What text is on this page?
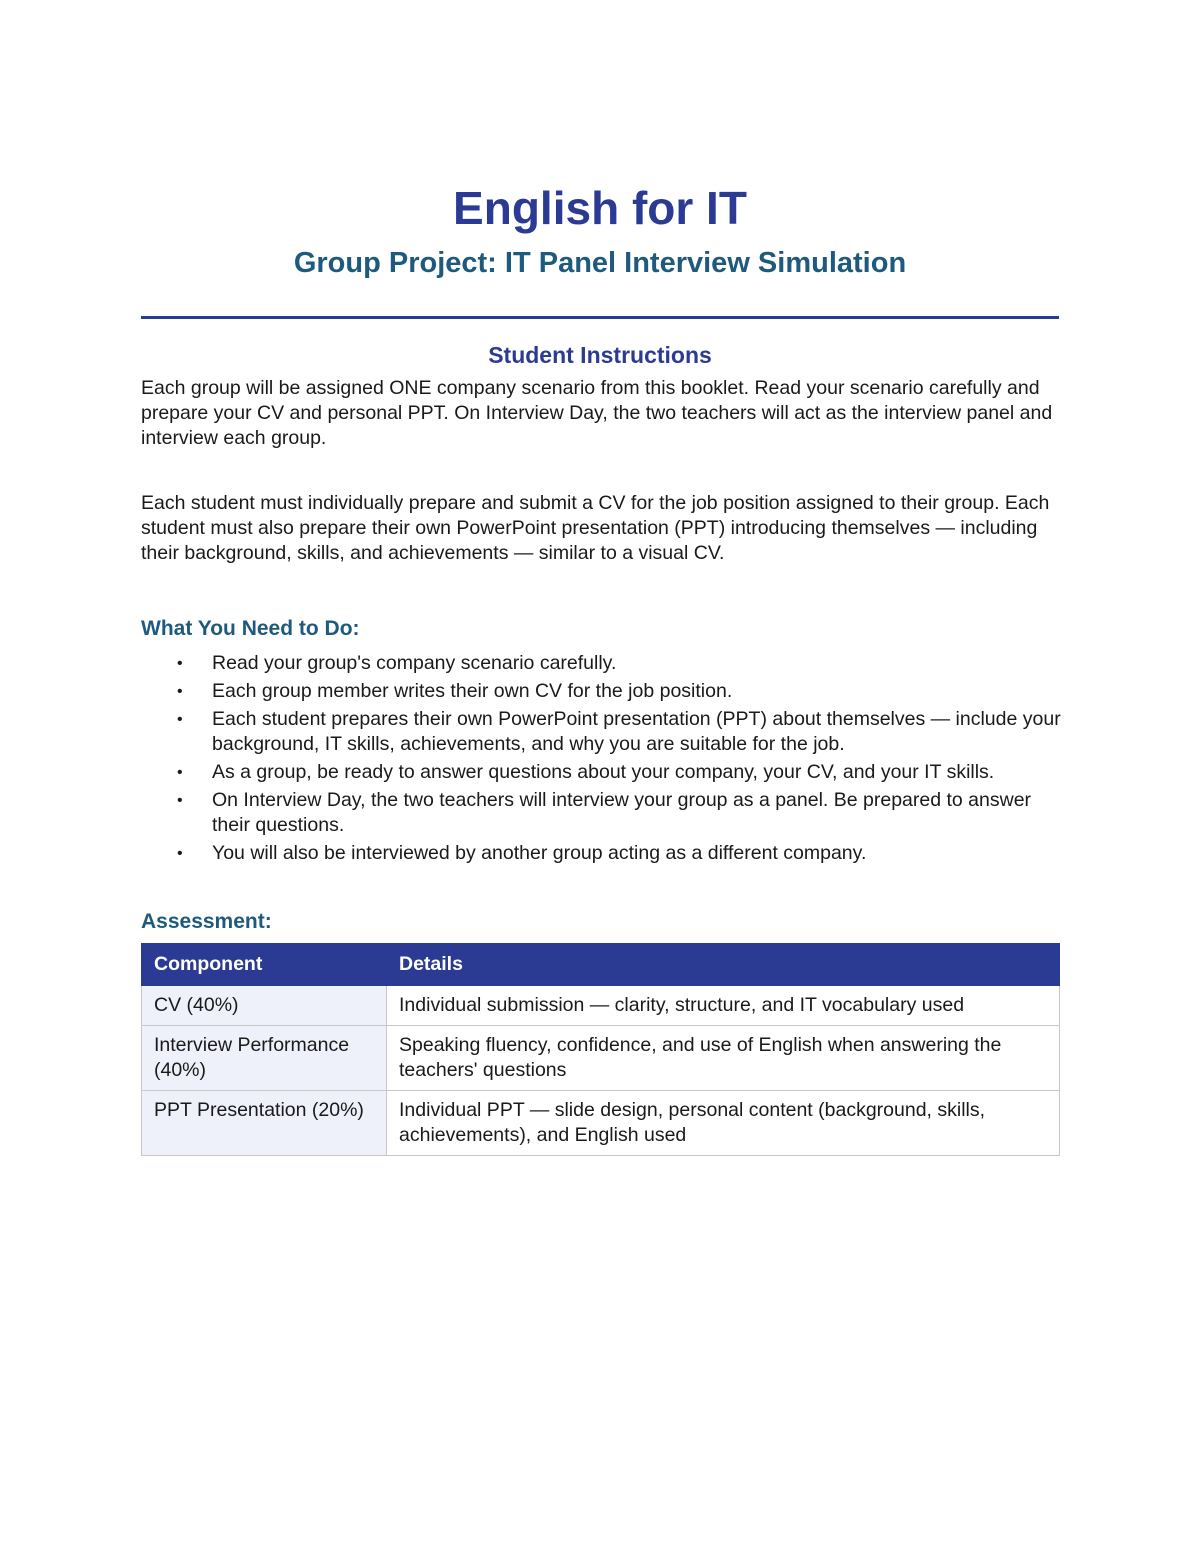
English for IT
Group Project: IT Panel Interview Simulation
Student Instructions

Each group will be assigned ONE company scenario from this booklet. Read your scenario carefully and prepare your CV and personal PPT. On Interview Day, the two teachers will act as the interview panel and interview each group.

Each student must individually prepare and submit a CV for the job position assigned to their group. Each student must also prepare their own PowerPoint presentation (PPT) introducing themselves — including their background, skills, and achievements — similar to a visual CV.

What You Need to Do:
• Read your group's company scenario carefully.
• Each group member writes their own CV for the job position.
• Each student prepares their own PowerPoint presentation (PPT) about themselves — include your background, IT skills, achievements, and why you are suitable for the job.
• As a group, be ready to answer questions about your company, your CV, and your IT skills.
• On Interview Day, the two teachers will interview your group as a panel. Be prepared to answer their questions.
• You will also be interviewed by another group acting as a different company.
Assessment:
Component	Details
CV (40%)	Individual submission — clarity, structure, and IT vocabulary used
Interview Performance (40%)	Speaking fluency, confidence, and use of English when answering the teachers' questions
PPT Presentation (20%)	Individual PPT — slide design, personal content (background, skills, achievements), and English used
